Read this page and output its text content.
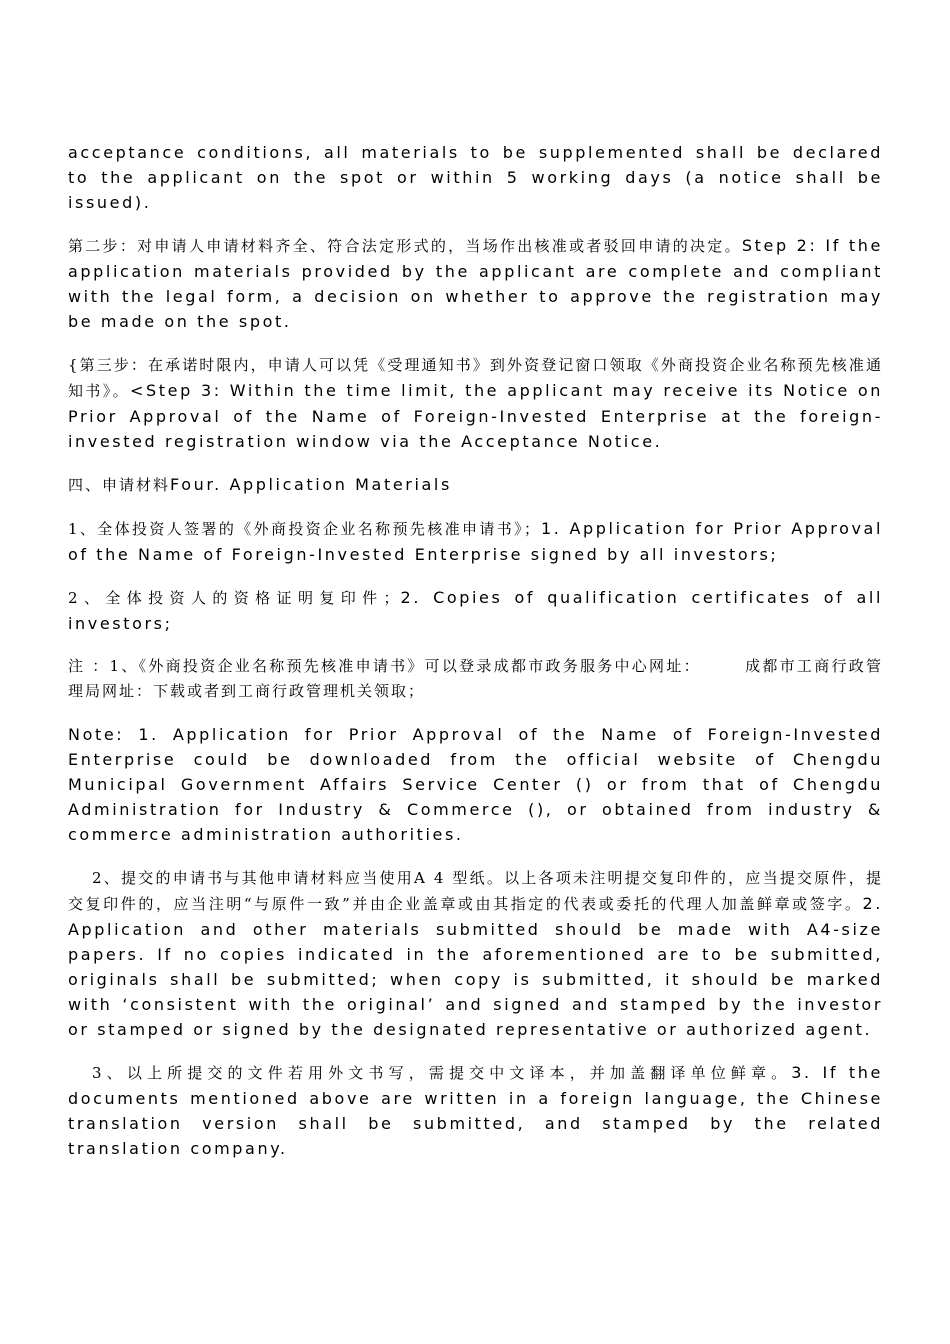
acceptance conditions, all materials to be supplemented shall be declared to the applicant on the spot or within 5 working days (a notice shall be issued).

第二步：对申请人申请材料齐全、符合法定形式的，当场作出核准或者驳回申请的决定。Step 2: If the application materials provided by the applicant are complete and compliant with the legal form, a decision on whether to approve the registration may be made on the spot.

{第三步：在承诺时限内，申请人可以凭《受理通知书》到外资登记窗口领取《外商投资企业名称预先核准通知书》。<Step 3: Within the time limit, the applicant may receive its Notice on Prior Approval of the Name of Foreign-Invested Enterprise at the foreign-invested registration window via the Acceptance Notice.

四、申请材料Four. Application Materials

1、全体投资人签署的《外商投资企业名称预先核准申请书》；1. Application for Prior Approval of the Name of Foreign-Invested Enterprise signed by all investors;

2、全体投资人的资格证明复印件；2. Copies of qualification certificates of all investors;

注 ：1、《外商投资企业名称预先核准申请书》可以登录成都市政务服务中心网址：　　　成都市工商行政管理局网址：下载或者到工商行政管理机关领取；

Note: 1. Application for Prior Approval of the Name of Foreign-Invested Enterprise could be downloaded from the official website of Chengdu Municipal Government Affairs Service Center () or from that of Chengdu Administration for Industry & Commerce (), or obtained from industry & commerce administration authorities.

2、提交的申请书与其他申请材料应当使用A 4 型纸。以上各项未注明提交复印件的，应当提交原件，提交复印件的，应当注明“与原件一致”并由企业盖章或由其指定的代表或委托的代理人加盖鲜章或签字。2. Application and other materials submitted should be made with A4-size papers. If no copies indicated in the aforementioned are to be submitted, originals shall be submitted; when copy is submitted, it should be marked with ‘consistent with the original’ and signed and stamped by the investor or stamped or signed by the designated representative or authorized agent.

3、以上所提交的文件若用外文书写，需提交中文译本，并加盖翻译单位鲜章。3. If the documents mentioned above are written in a foreign language, the Chinese translation version shall be submitted, and stamped by the related translation company.
